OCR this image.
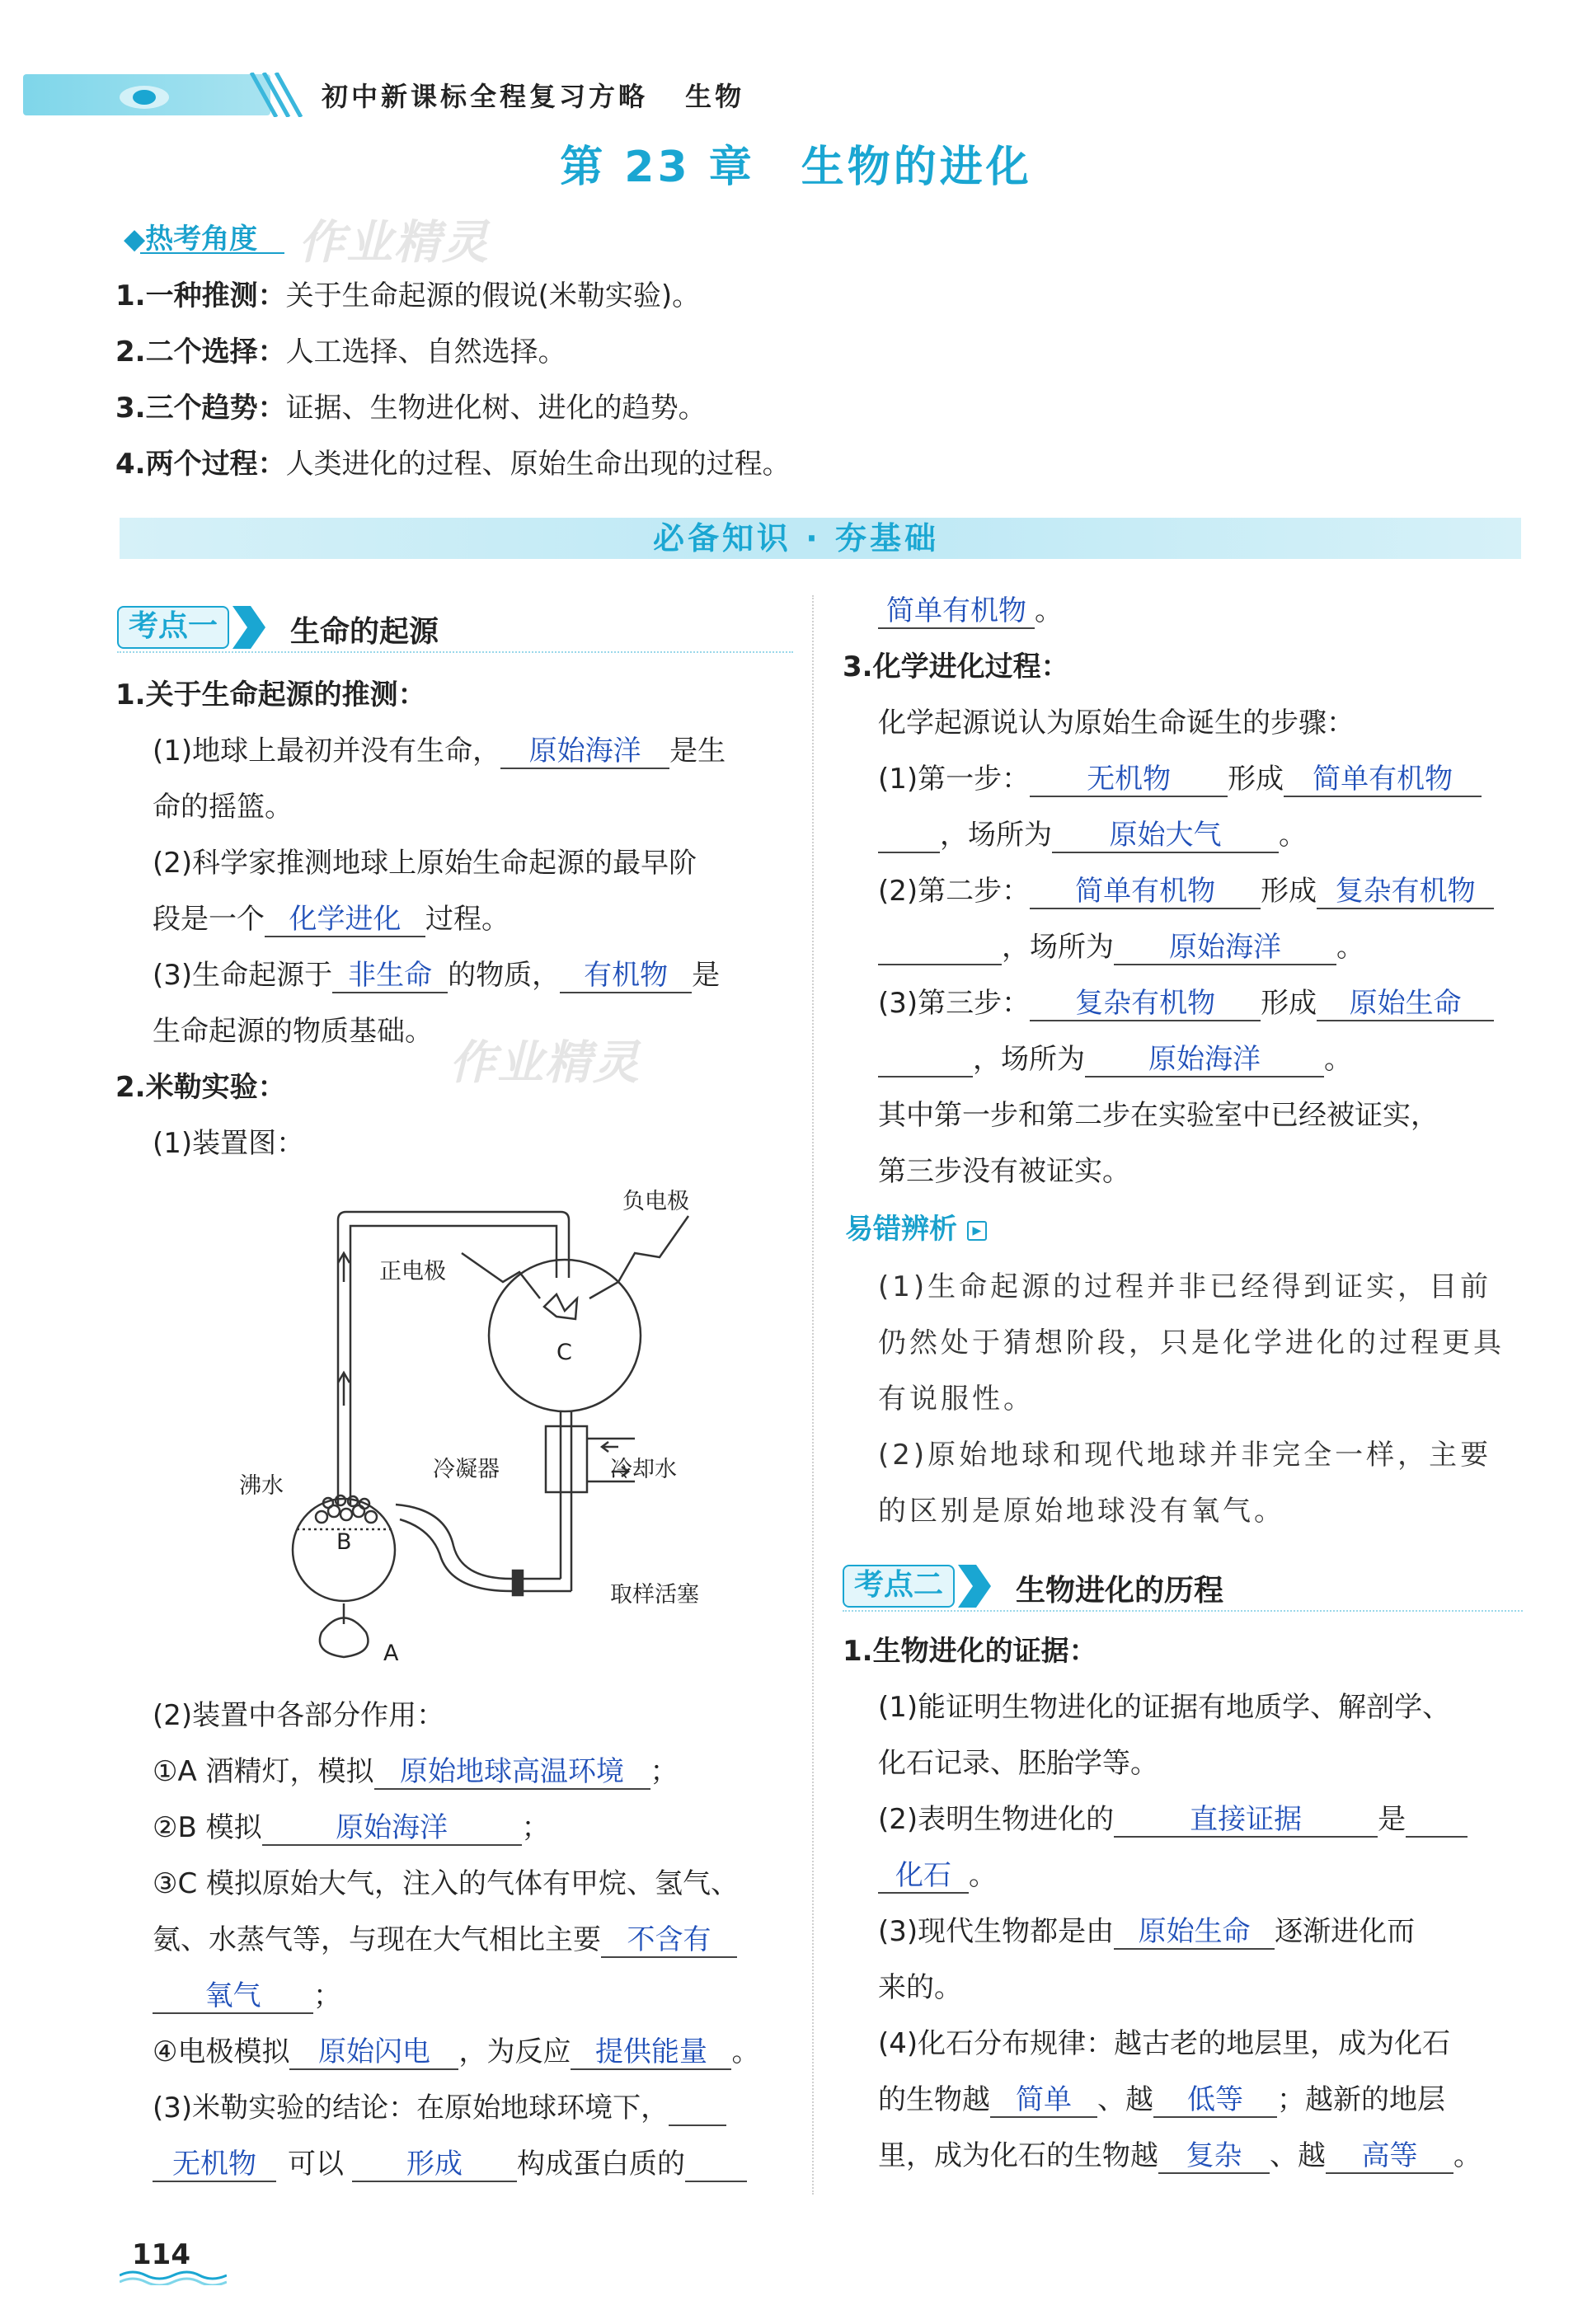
初中新课标全程复习方略 生物
第 23 章　生物的进化
◆热考角度 作业精灵
1.一种推测：关于生命起源的假说(米勒实验)。
2.二个选择：人工选择、自然选择。
3.三个趋势：证据、生物进化树、进化的趋势。
4.两个过程：人类进化的过程、原始生命出现的过程。
必备知识 · 夯基础
考点一	生命的起源
1.关于生命起源的推测：
(1)地球上最初并没有生命， 原始海洋 是生
命的摇篮。
(2)科学家推测地球上原始生命起源的最早阶
段是一个 化学进化 过程。
(3)生命起源于 非生命 的物质， 有机物 是
生命起源的物质基础。
作业精灵
2.米勒实验：
(1)装置图：
负电极
正电极
C
冷凝器	冷却水
沸水
B
A
取样活塞
(2)装置中各部分作用：
①A 酒精灯，模拟 原始地球高温环境 ；
②B 模拟	原始海洋	；
③C 模拟原始大气，注入的气体有甲烷、氢气、
氨、水蒸气等，与现在大气相比主要 不含有
氧气 ；
④电极模拟 原始闪电 ，为反应 提供能量 。
(3)米勒实验的结论：在原始地球环境下，
无机物 可以 形成 构成蛋白质的
简单有机物 。
3.化学进化过程：
化学起源说认为原始生命诞生的步骤：
(1)第一步： 无机物 形成 简单有机物
，场所为 原始大气 。
(2)第二步： 简单有机物 形成 复杂有机物
，场所为 原始海洋 。
(3)第三步： 复杂有机物 形成 原始生命
，场所为 原始海洋 。
其中第一步和第二步在实验室中已经被证实，
第三步没有被证实。
易错辨析 ▶
(1)生命起源的过程并非已经得到证实，目前
仍然处于猜想阶段，只是化学进化的过程更具
有说服性。
(2)原始地球和现代地球并非完全一样，主要
的区别是原始地球没有氧气。
考点二	生物进化的历程
1.生物进化的证据：
(1)能证明生物进化的证据有地质学、解剖学、
化石记录、胚胎学等。
(2)表明生物进化的	直接证据	是
化石 。
(3)现代生物都是由 原始生命 逐渐进化而
来的。
(4)化石分布规律：越古老的地层里，成为化石
的生物越 简单 、越 低等 ；越新的地层
里，成为化石的生物越 复杂 、越 高等 。
114
